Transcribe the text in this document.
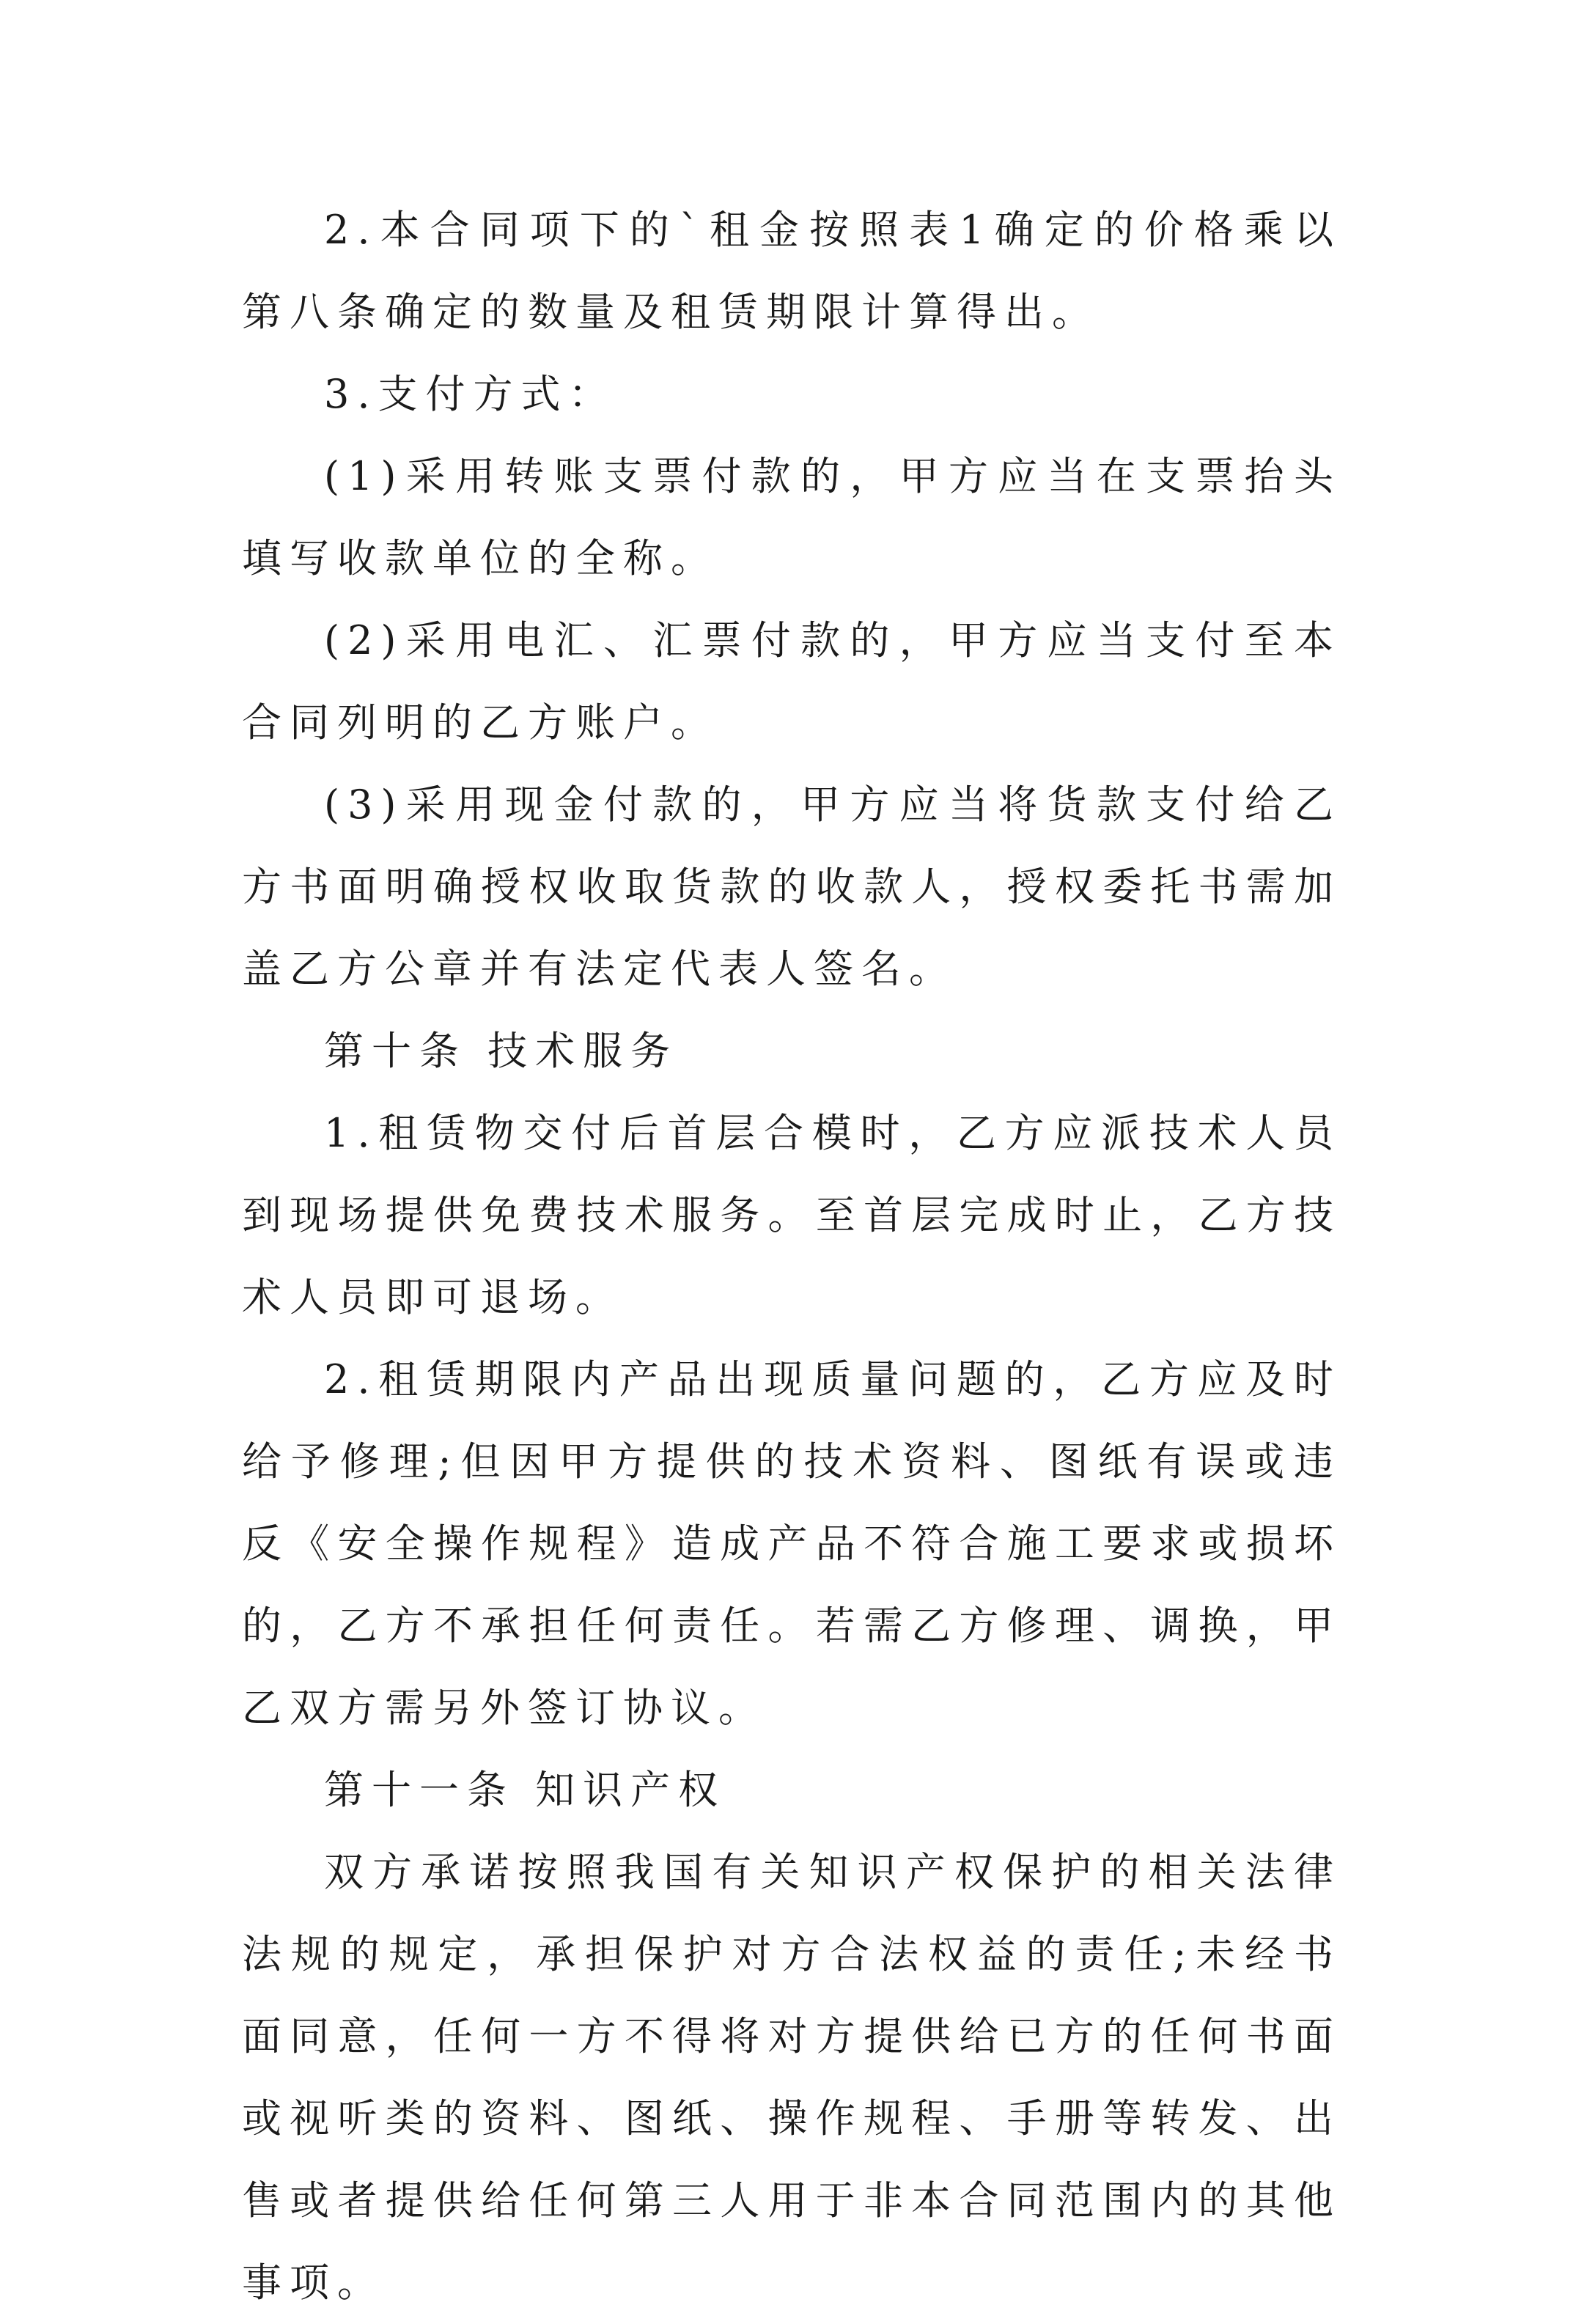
2.本合同项下的`租金按照表1确定的价格乘以第八条确定的数量及租赁期限计算得出。

3.支付方式：

(1)采用转账支票付款的，甲方应当在支票抬头填写收款单位的全称。

(2)采用电汇、汇票付款的，甲方应当支付至本合同列明的乙方账户。

(3)采用现金付款的，甲方应当将货款支付给乙方书面明确授权收取货款的收款人，授权委托书需加盖乙方公章并有法定代表人签名。

第十条 技术服务

1.租赁物交付后首层合模时，乙方应派技术人员到现场提供免费技术服务。至首层完成时止，乙方技术人员即可退场。

2.租赁期限内产品出现质量问题的，乙方应及时给予修理;但因甲方提供的技术资料、图纸有误或违反《安全操作规程》造成产品不符合施工要求或损坏的，乙方不承担任何责任。若需乙方修理、调换，甲乙双方需另外签订协议。

第十一条 知识产权

双方承诺按照我国有关知识产权保护的相关法律法规的规定，承担保护对方合法权益的责任;未经书面同意，任何一方不得将对方提供给已方的任何书面或视听类的资料、图纸、操作规程、手册等转发、出售或者提供给任何第三人用于非本合同范围内的其他事项。
